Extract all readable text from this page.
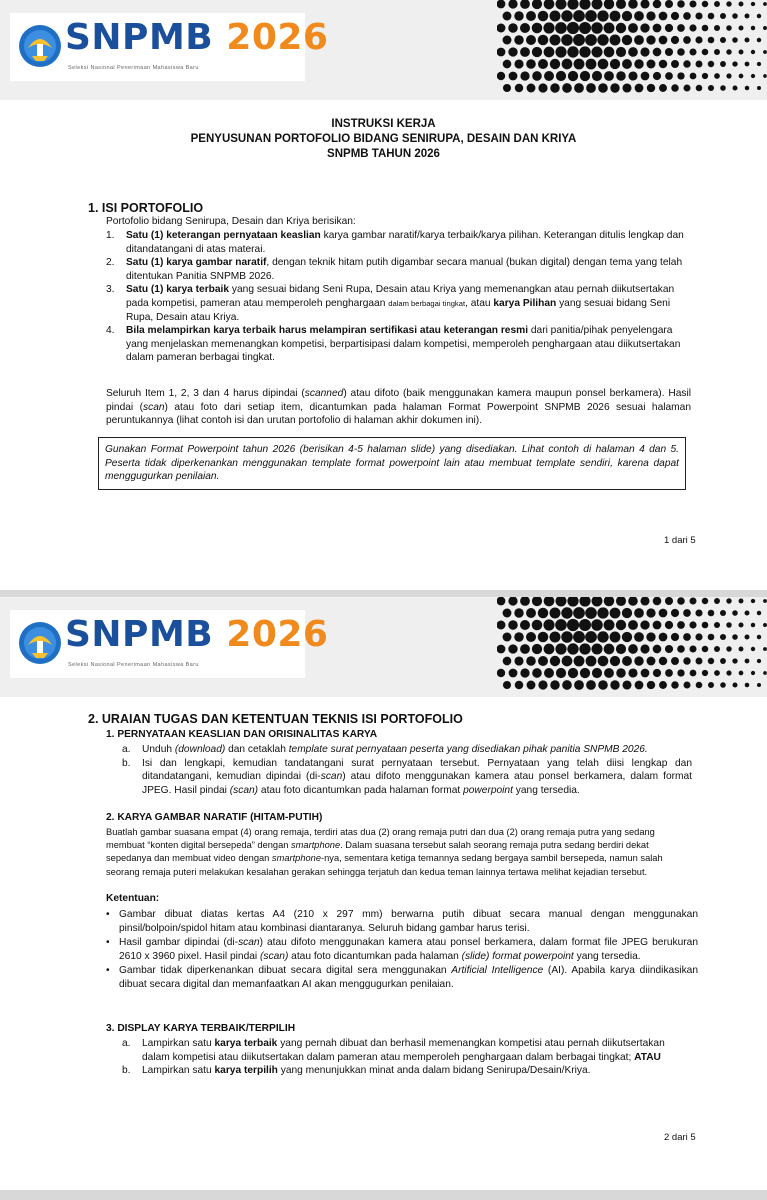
SNPMB 2026
Seleksi Nasional Penerimaan Mahasiswa Baru
INSTRUKSI KERJA
PENYUSUNAN PORTOFOLIO BIDANG SENIRUPA, DESAIN DAN KRIYA
SNPMB TAHUN 2026
1. ISI PORTOFOLIO
Portofolio bidang Senirupa, Desain dan Kriya berisikan:
1.	Satu (1) keterangan pernyataan keaslian karya gambar naratif/karya terbaik/karya pilihan. Keterangan ditulis lengkap dan ditandatangani di atas materai.
2.	Satu (1) karya gambar naratif, dengan teknik hitam putih digambar secara manual (bukan digital) dengan tema yang telah ditentukan Panitia SNPMB 2026.
3.	Satu (1) karya terbaik yang sesuai bidang Seni Rupa, Desain atau Kriya yang memenangkan atau pernah diikutsertakan pada kompetisi, pameran atau memperoleh penghargaan dalam berbagai tingkat, atau karya Pilihan yang sesuai bidang Seni Rupa, Desain atau Kriya.
4.	Bila melampirkan karya terbaik harus melampiran sertifikasi atau keterangan resmi dari panitia/pihak penyelengara yang menjelaskan memenangkan kompetisi, berpartisipasi dalam kompetisi, memperoleh penghargaan atau diikutsertakan dalam pameran berbagai tingkat.
Seluruh Item 1, 2, 3 dan 4 harus dipindai (scanned) atau difoto (baik menggunakan kamera maupun ponsel berkamera). Hasil pindai (scan) atau foto dari setiap item, dicantumkan pada halaman Format Powerpoint SNPMB 2026 sesuai halaman peruntukannya (lihat contoh isi dan urutan portofolio di halaman akhir dokumen ini).
Gunakan Format Powerpoint tahun 2026 (berisikan 4-5 halaman slide) yang disediakan. Lihat contoh di halaman 4 dan 5. Peserta tidak diperkenankan menggunakan template format powerpoint lain atau membuat template sendiri, karena dapat menggugurkan penilaian.
1 dari 5
SNPMB 2026
Seleksi Nasional Penerimaan Mahasiswa Baru
2. URAIAN TUGAS DAN KETENTUAN TEKNIS ISI PORTOFOLIO
1. PERNYATAAN KEASLIAN DAN ORISINALITAS KARYA
a.	Unduh (download) dan cetaklah template surat pernyataan peserta yang disediakan pihak panitia SNPMB 2026.
b.	Isi dan lengkapi, kemudian tandatangani surat pernyataan tersebut. Pernyataan yang telah diisi lengkap dan ditandatangani, kemudian dipindai (di-scan) atau difoto menggunakan kamera atau ponsel berkamera, dalam format JPEG. Hasil pindai (scan) atau foto dicantumkan pada halaman format powerpoint yang tersedia.
2. KARYA GAMBAR NARATIF (HITAM-PUTIH)
Buatlah gambar suasana empat (4) orang remaja, terdiri atas dua (2) orang remaja putri dan dua (2) orang remaja putra yang sedang membuat “konten digital bersepeda” dengan smartphone. Dalam suasana tersebut salah seorang remaja putra sedang berdiri dekat sepedanya dan membuat video dengan smartphone-nya, sementara ketiga temannya sedang bergaya sambil bersepeda, namun salah seorang remaja puteri melakukan kesalahan gerakan sehingga terjatuh dan kedua teman lainnya tertawa melihat kejadian tersebut.
Ketentuan:
• Gambar dibuat diatas kertas A4 (210 x 297 mm) berwarna putih dibuat secara manual dengan menggunakan pinsil/bolpoin/spidol hitam atau kombinasi diantaranya. Seluruh bidang gambar harus terisi.
• Hasil gambar dipindai (di-scan) atau difoto menggunakan kamera atau ponsel berkamera, dalam format file JPEG berukuran 2610 x 3960 pixel. Hasil pindai (scan) atau foto dicantumkan pada halaman (slide) format powerpoint yang tersedia.
• Gambar tidak diperkenankan dibuat secara digital sera menggunakan Artificial Intelligence (AI). Apabila karya diindikasikan dibuat secara digital dan memanfaatkan AI akan menggugurkan penilaian.
3. DISPLAY KARYA TERBAIK/TERPILIH
a.	Lampirkan satu karya terbaik yang pernah dibuat dan berhasil memenangkan kompetisi atau pernah diikutsertakan dalam kompetisi atau diikutsertakan dalam pameran atau memperoleh penghargaan dalam berbagai tingkat; ATAU
b.	Lampirkan satu karya terpilih yang menunjukkan minat anda dalam bidang Senirupa/Desain/Kriya.
2 dari 5
